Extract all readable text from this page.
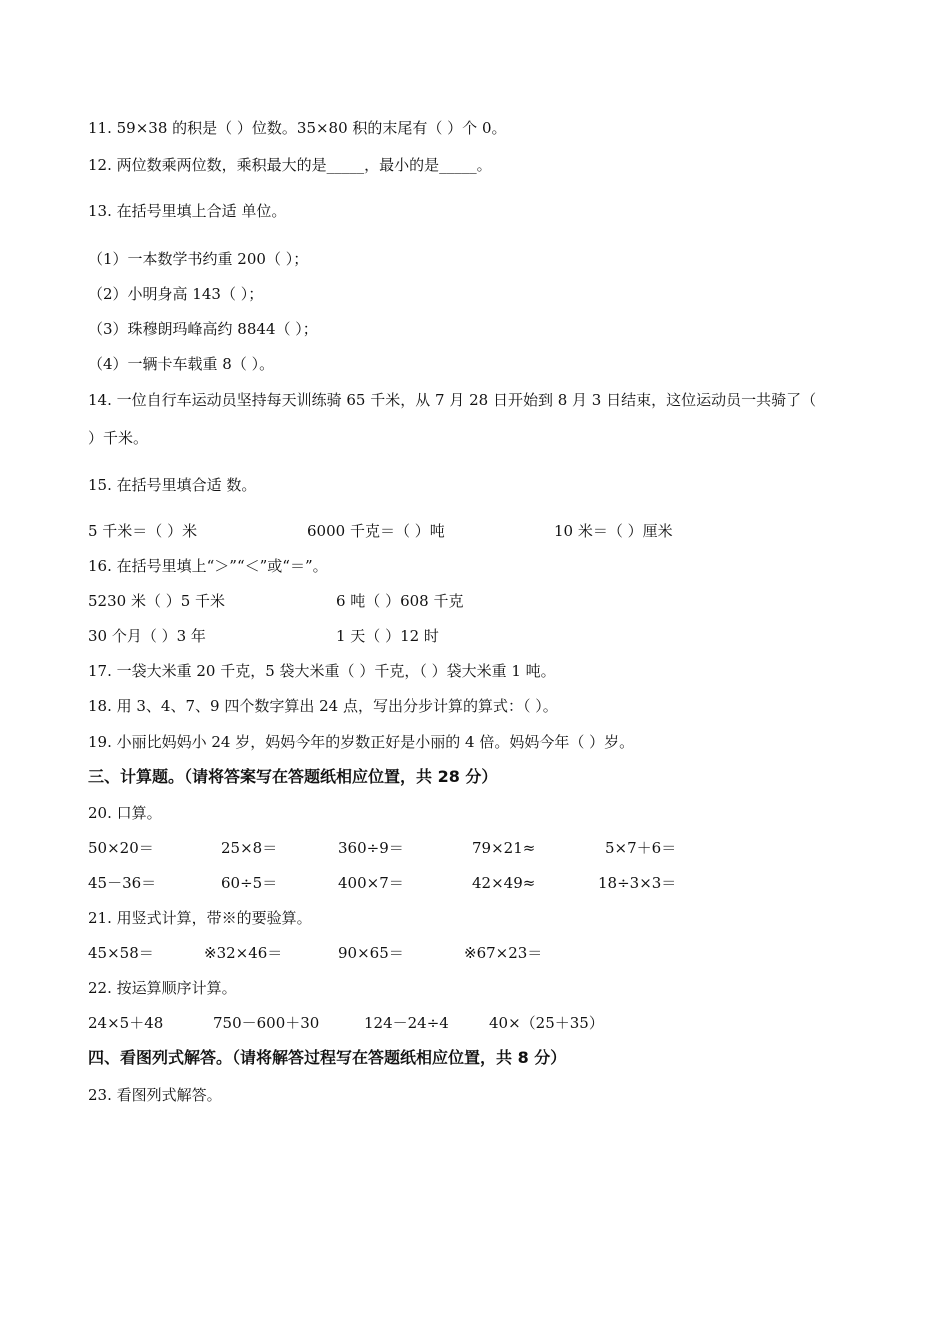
11. 59×38 的积是（ ）位数。35×80 积的末尾有（ ）个 0。
12. 两位数乘两位数，乘积最大的是_____，最小的是_____。
13. 在括号里填上合适 单位。
（1）一本数学书约重 200（ ）；
（2）小明身高 143（ ）；
（3）珠穆朗玛峰高约 8844（ ）；
（4）一辆卡车载重 8（ ）。
14. 一位自行车运动员坚持每天训练骑 65 千米，从 7 月 28 日开始到 8 月 3 日结束，这位运动员一共骑了（
）千米。
15. 在括号里填合适 数。
5 千米＝（ ）米	6000 千克＝（ ）吨	10 米＝（ ）厘米
16. 在括号里填上“＞”“＜”或“＝”。
5230 米（ ）5 千米	6 吨（ ）608 千克
30 个月（ ）3 年	1 天（ ）12 时
17. 一袋大米重 20 千克，5 袋大米重（ ）千克，（ ）袋大米重 1 吨。
18. 用 3、4、7、9 四个数字算出 24 点，写出分步计算的算式：（ ）。
19. 小丽比妈妈小 24 岁，妈妈今年的岁数正好是小丽的 4 倍。妈妈今年（ ）岁。
三、计算题。（请将答案写在答题纸相应位置，共 28 分）
20. 口算。
50×20＝	25×8＝	360÷9＝	79×21≈	5×7＋6＝
45－36＝	60÷5＝	400×7＝	42×49≈	18÷3×3＝
21. 用竖式计算，带※的要验算。
45×58＝	※32×46＝	90×65＝	※67×23＝
22. 按运算顺序计算。
24×5＋48	750－600＋30	124－24÷4	40×（25＋35）
四、看图列式解答。（请将解答过程写在答题纸相应位置，共 8 分）
23. 看图列式解答。
